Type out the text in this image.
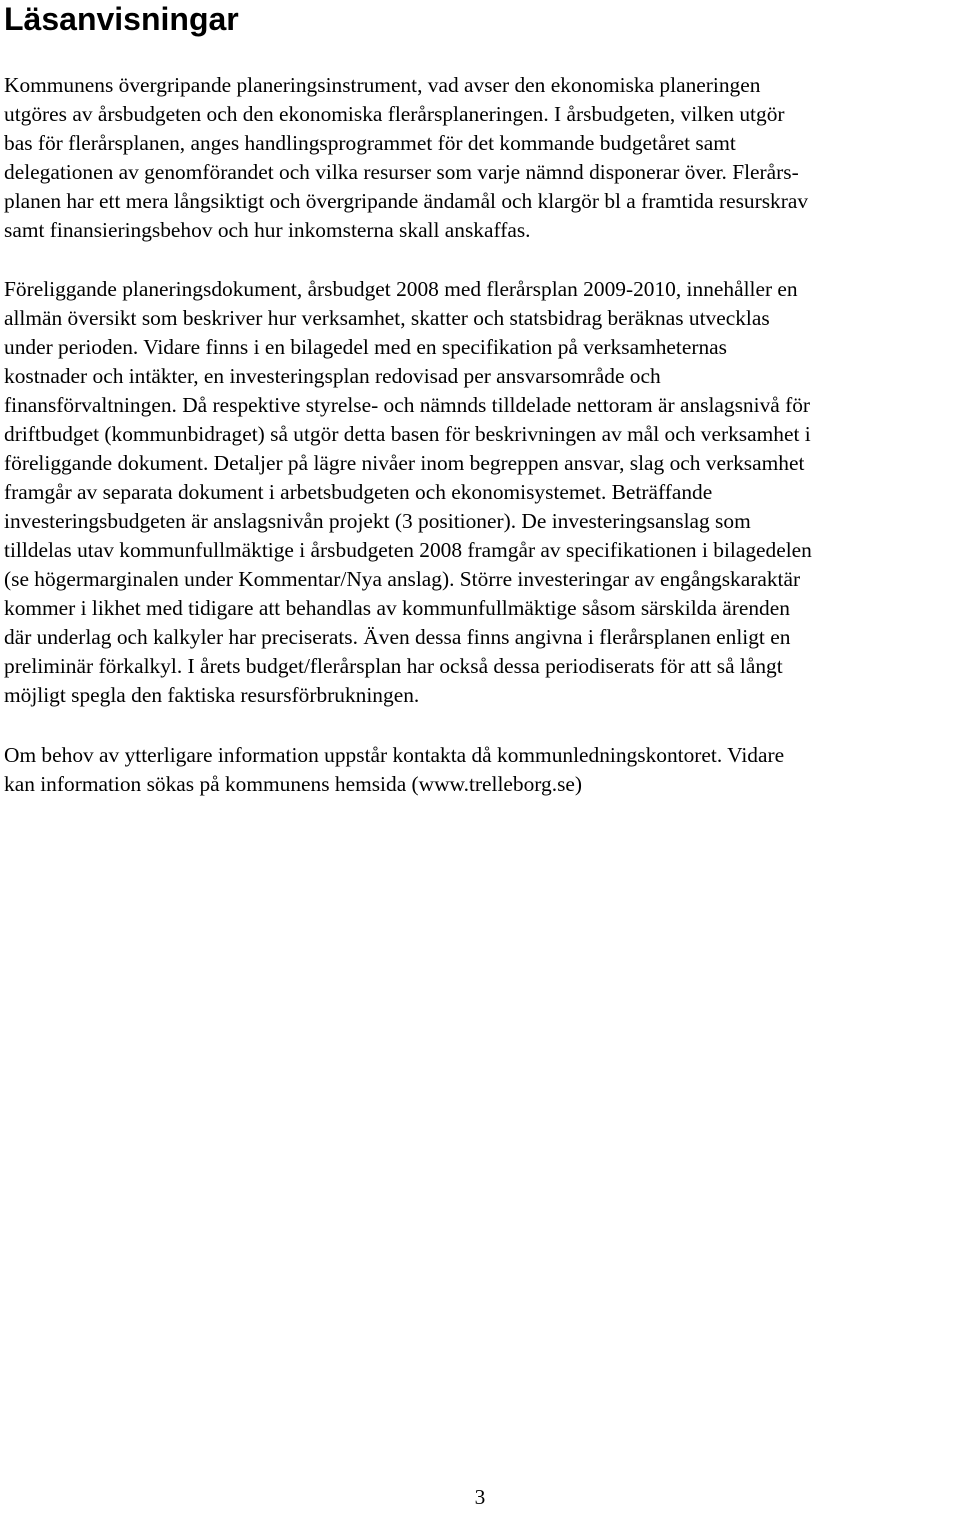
Läsanvisningar
Kommunens övergripande planeringsinstrument, vad avser den ekonomiska planeringen
utgöres av årsbudgeten och den ekonomiska flerårsplaneringen. I årsbudgeten, vilken utgör
bas för flerårsplanen, anges handlingsprogrammet för det kommande budgetåret samt
delegationen av genomförandet och vilka resurser som varje nämnd disponerar över. Flerårs-
planen har ett mera långsiktigt och övergripande ändamål och klargör bl a framtida resurskrav
samt finansieringsbehov och hur inkomsterna skall anskaffas.
Föreliggande planeringsdokument, årsbudget 2008 med flerårsplan 2009-2010, innehåller en
allmän översikt som beskriver hur verksamhet, skatter och statsbidrag beräknas utvecklas
under perioden. Vidare finns i en bilagedel med en specifikation på verksamheternas
kostnader och intäkter, en investeringsplan redovisad per ansvarsområde och
finansförvaltningen. Då respektive styrelse- och nämnds tilldelade nettoram är anslagsnivå för
driftbudget (kommunbidraget) så utgör detta basen för beskrivningen av mål och verksamhet i
föreliggande dokument. Detaljer på lägre nivåer inom begreppen ansvar, slag och verksamhet
framgår av separata dokument i arbetsbudgeten och ekonomisystemet. Beträffande
investeringsbudgeten är anslagsnivån projekt (3 positioner). De investeringsanslag som
tilldelas utav kommunfullmäktige i årsbudgeten 2008 framgår av specifikationen i bilagedelen
(se högermarginalen under Kommentar/Nya anslag). Större investeringar av engångskaraktär
kommer i likhet med tidigare att behandlas av kommunfullmäktige såsom särskilda ärenden
där underlag och kalkyler har preciserats. Även dessa finns angivna i flerårsplanen enligt en
preliminär förkalkyl. I årets budget/flerårsplan har också dessa periodiserats för att så långt
möjligt spegla den faktiska resursförbrukningen.
Om behov av ytterligare information uppstår kontakta då kommunledningskontoret. Vidare
kan information sökas på kommunens hemsida (www.trelleborg.se)
3
